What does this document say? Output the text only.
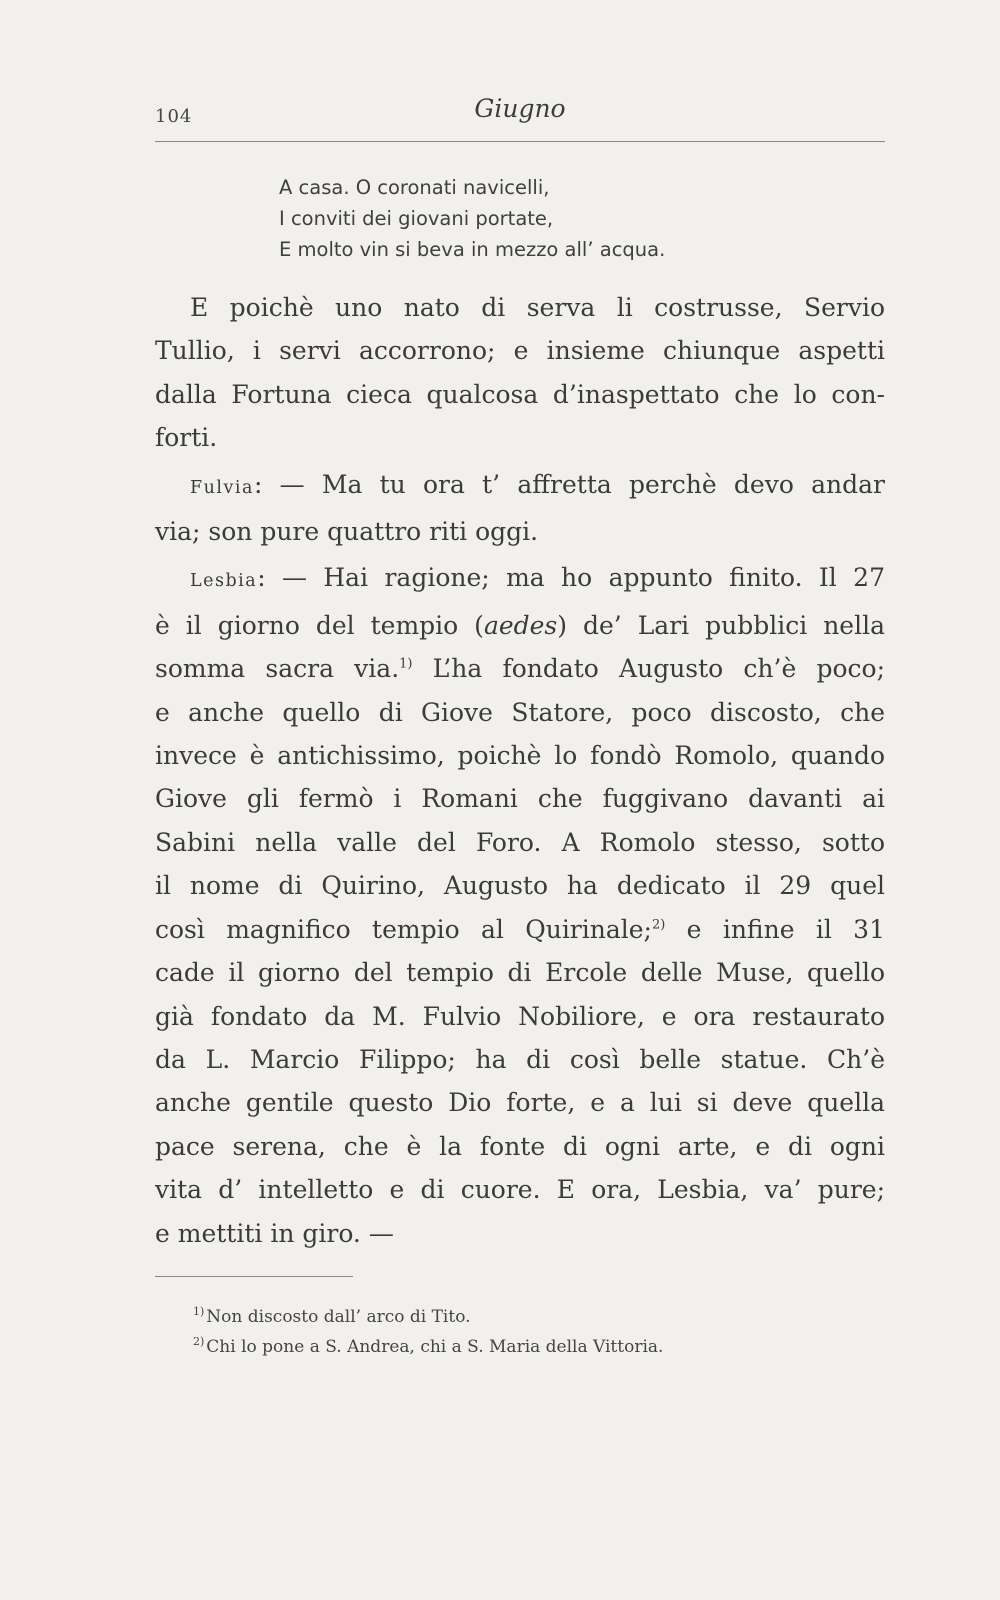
104	Giugno
A casa. O coronati navicelli,
I conviti dei giovani portate,
E molto vin si beva in mezzo all’ acqua.
E poichè uno nato di serva li costrusse, Servio
Tullio, i servi accorrono; e insieme chiunque aspetti
dalla Fortuna cieca qualcosa d’inaspettato che lo con-
forti.
Fulvia: — Ma tu ora t’ affretta perchè devo andar
via; son pure quattro riti oggi.
Lesbia: — Hai ragione; ma ho appunto finito. Il 27
è il giorno del tempio (aedes) de’ Lari pubblici nella
somma sacra via.$^{1)}$ L’ha fondato Augusto ch’è poco;
e anche quello di Giove Statore, poco discosto, che
invece è antichissimo, poichè lo fondò Romolo, quando
Giove gli fermò i Romani che fuggivano davanti ai
Sabini nella valle del Foro. A Romolo stesso, sotto
il nome di Quirino, Augusto ha dedicato il 29 quel
così magnifico tempio al Quirinale;$^{2)}$ e infine il 31
cade il giorno del tempio di Ercole delle Muse, quello
già fondato da M. Fulvio Nobiliore, e ora restaurato
da L. Marcio Filippo; ha di così belle statue. Ch’è
anche gentile questo Dio forte, e a lui si deve quella
pace serena, che è la fonte di ogni arte, e di ogni
vita d’ intelletto e di cuore. E ora, Lesbia, va’ pure;
e mettiti in giro. —
$^{1)}$ Non discosto dall’ arco di Tito.
$^{2)}$ Chi lo pone a S. Andrea, chi a S. Maria della Vittoria.
